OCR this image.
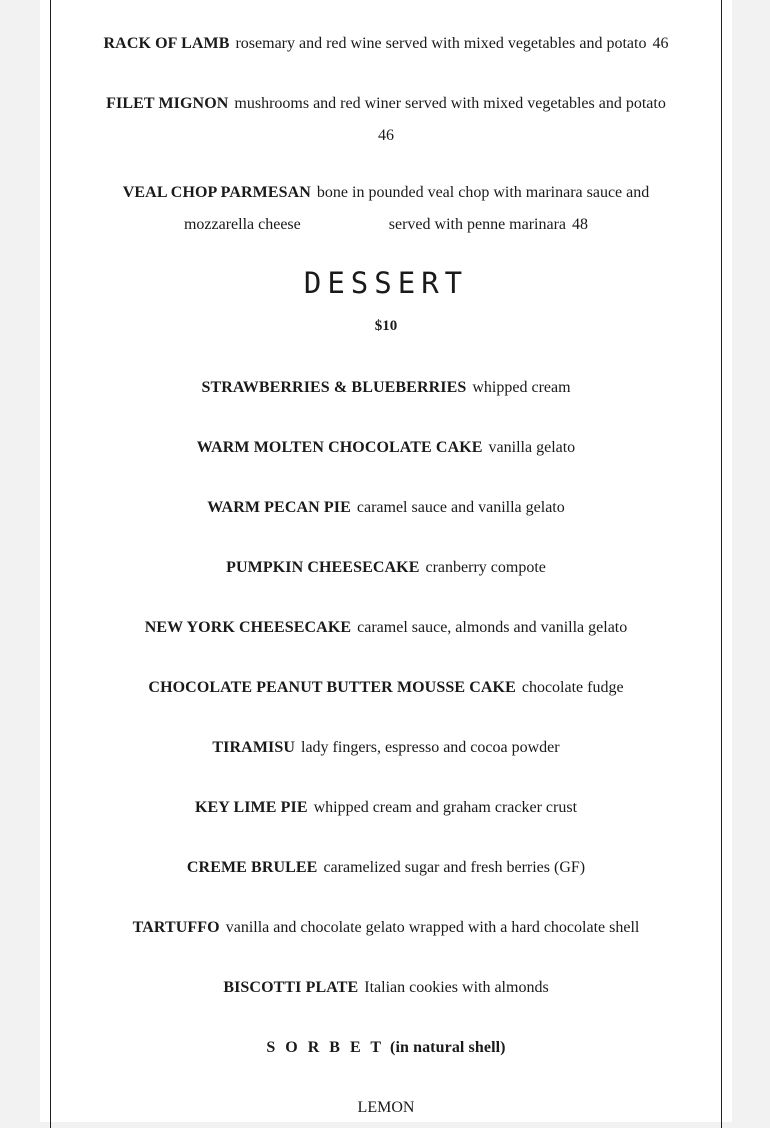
RACK OF LAMB rosemary and red wine served with mixed vegetables and potato 46
FILET MIGNON mushrooms and red winer served with mixed vegetables and potato
46
VEAL CHOP PARMESAN bone in pounded veal chop with marinara sauce and
mozzarella cheese	served with penne marinara 48
DESSERT
$10
STRAWBERRIES & BLUEBERRIES whipped cream
WARM MOLTEN CHOCOLATE CAKE vanilla gelato
WARM PECAN PIE caramel sauce and vanilla gelato
PUMPKIN CHEESECAKE cranberry compote
NEW YORK CHEESECAKE caramel sauce, almonds and vanilla gelato
CHOCOLATE PEANUT BUTTER MOUSSE CAKE chocolate fudge
TIRAMISU lady fingers, espresso and cocoa powder
KEY LIME PIE whipped cream and graham cracker crust
CREME BRULEE caramelized sugar and fresh berries (GF)
TARTUFFO vanilla and chocolate gelato wrapped with a hard chocolate shell
BISCOTTI PLATE Italian cookies with almonds
S O R B E T (in natural shell)
LEMON
